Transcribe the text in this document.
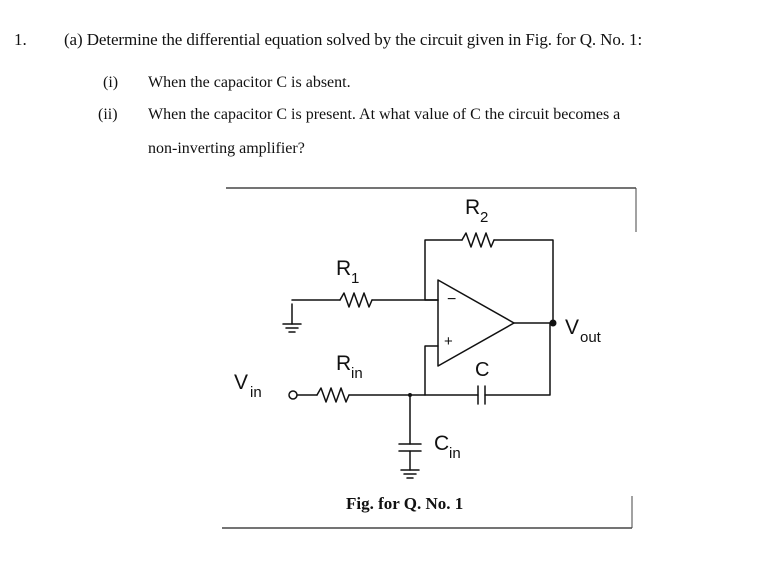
1. (a) Determine the differential equation solved by the circuit given in Fig. for Q. No. 1:
(i) When the capacitor C is absent.
(ii) When the capacitor C is present. At what value of C the circuit becomes a
non-inverting amplifier?
−
+
R 2
R 1
R in
V in
V out
C
C in
Fig. for Q. No. 1
